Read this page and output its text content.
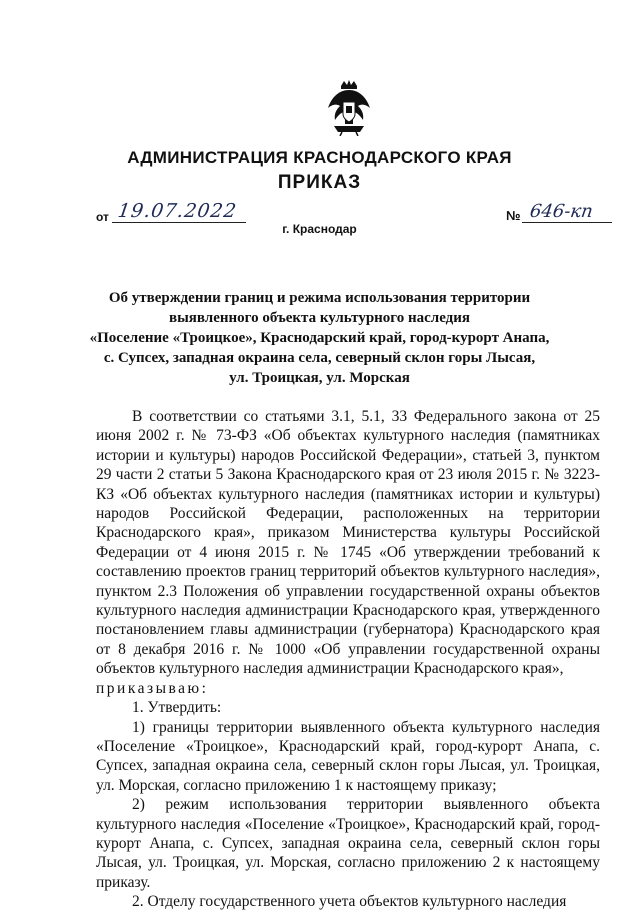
АДМИНИСТРАЦИЯ КРАСНОДАРСКОГО КРАЯ
ПРИКАЗ
от 19.07.2022	№ 646-кп
г. Краснодар
Об утверждении границ и режима использования территории
выявленного объекта культурного наследия
«Поселение «Троицкое», Краснодарский край, город-курорт Анапа,
с. Супсех, западная окраина села, северный склон горы Лысая,
ул. Троицкая, ул. Морская

В соответствии со статьями 3.1, 5.1, 33 Федерального закона от 25 июня 2002 г. № 73-ФЗ «Об объектах культурного наследия (памятниках истории и культуры) народов Российской Федерации», статьей 3, пунктом 29 части 2 статьи 5 Закона Краснодарского края от 23 июля 2015 г. № 3223-КЗ «Об объектах культурного наследия (памятниках истории и культуры) народов Российской Федерации, расположенных на территории Краснодарского края», приказом Министерства культуры Российской Федерации от 4 июня 2015 г. № 1745 «Об утверждении требований к составлению проектов границ территорий объектов культурного наследия», пунктом 2.3 Положения об управлении государственной охраны объектов культурного наследия администрации Краснодарского края, утвержденного постановлением главы администрации (губернатора) Краснодарского края от 8 декабря 2016 г. № 1000 «Об управлении государственной охраны объектов культурного наследия администрации Краснодарского края»,

приказываю:

1. Утвердить:

1) границы территории выявленного объекта культурного наследия «Поселение «Троицкое», Краснодарский край, город-курорт Анапа, с. Супсех, западная окраина села, северный склон горы Лысая, ул. Троицкая, ул. Морская, согласно приложению 1 к настоящему приказу;

2) режим использования территории выявленного объекта культурного наследия «Поселение «Троицкое», Краснодарский край, город-курорт Анапа, с. Супсех, западная окраина села, северный склон горы Лысая, ул. Троицкая, ул. Морская, согласно приложению 2 к настоящему приказу.

2. Отделу государственного учета объектов культурного наследия
